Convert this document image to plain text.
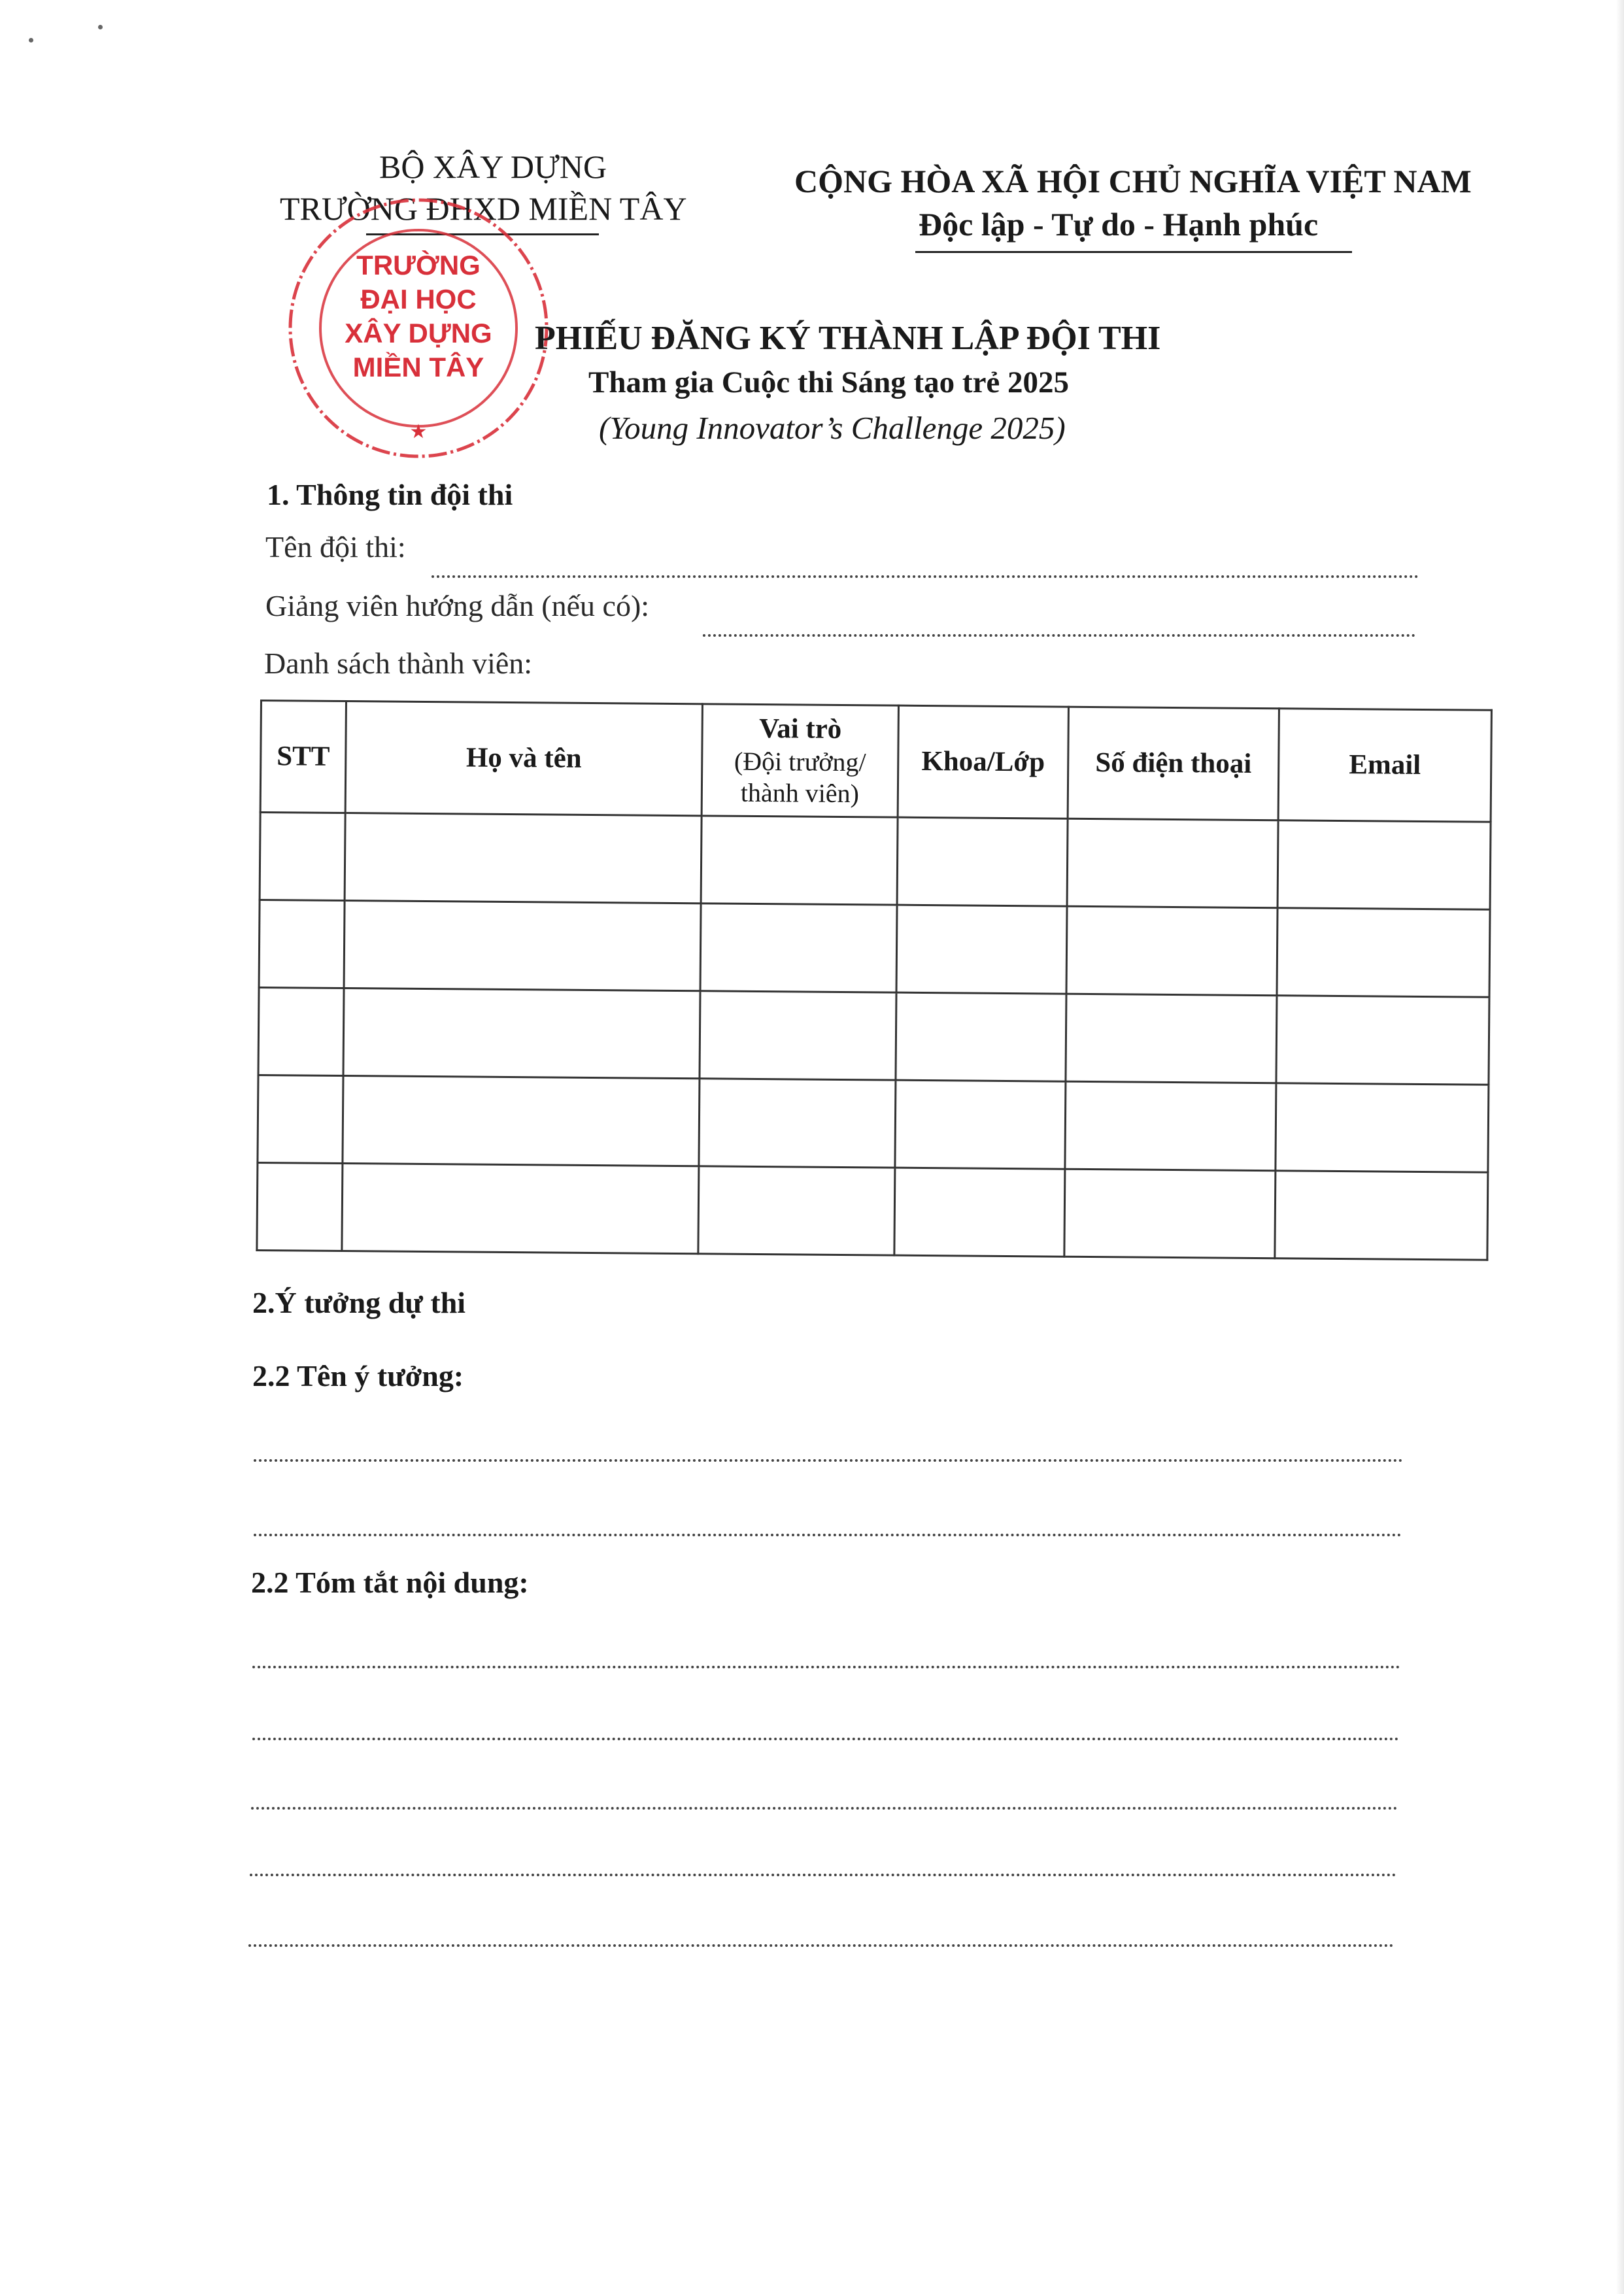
BỘ XÂY DỰNG
TRƯỜNG ĐHXD MIỀN TÂY
CỘNG HÒA XÃ HỘI CHỦ NGHĨA VIỆT NAM
Độc lập - Tự do - Hạnh phúc
TRƯỜNG
ĐẠI HỌC
XÂY DỰNG
MIỀN TÂY
★
PHIẾU ĐĂNG KÝ THÀNH LẬP ĐỘI THI
Tham gia Cuộc thi Sáng tạo trẻ 2025
(Young Innovator’s Challenge 2025)
1. Thông tin đội thi
Tên đội thi:
Giảng viên hướng dẫn (nếu có):
Danh sách thành viên:
STT	Họ và tên	Vai trò
(Đội trưởng/
thành viên)	Khoa/Lớp	Số điện thoại	Email

2.Ý tưởng dự thi
2.2 Tên ý tưởng:
2.2 Tóm tắt nội dung:
